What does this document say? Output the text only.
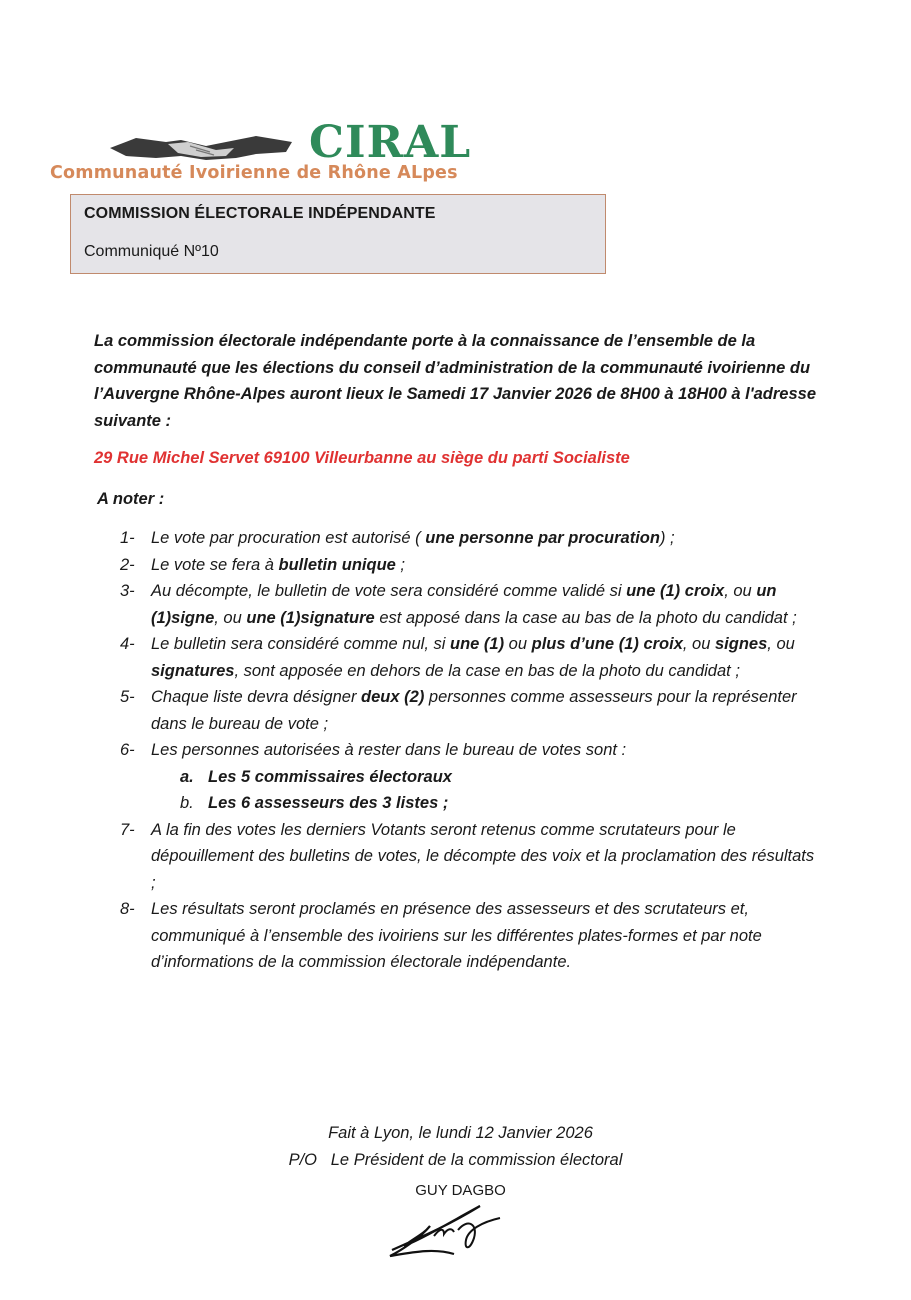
CIRAL
Communauté Ivoirienne de Rhône ALpes
COMMISSION ÉLECTORALE INDÉPENDANTE
Communiqué Nº10
La commission électorale indépendante porte à la connaissance de l’ensemble de la communauté que les élections du conseil d’administration de la communauté ivoirienne du l’Auvergne Rhône-Alpes auront lieux le Samedi 17 Janvier 2026 de 8H00 à 18H00 à l'adresse suivante :
29 Rue Michel Servet 69100 Villeurbanne au siège du parti Socialiste
A noter :
1- Le vote par procuration est autorisé ( une personne par procuration) ;
2- Le vote se fera à bulletin unique ;
3- Au décompte, le bulletin de vote sera considéré comme validé si une (1) croix, ou un (1)signe, ou une (1)signature est apposé dans la case au bas de la photo du candidat ;
4- Le bulletin sera considéré comme nul, si une (1) ou plus d’une (1) croix, ou signes, ou signatures, sont apposée en dehors de la case en bas de la photo du candidat ;
5- Chaque liste devra désigner deux (2) personnes comme assesseurs pour la représenter dans le bureau de vote ;
6- Les personnes autorisées à rester dans le bureau de votes sont :
a. Les 5 commissaires électoraux
b. Les 6 assesseurs des 3 listes ;
7- A la fin des votes les derniers Votants seront retenus comme scrutateurs pour le dépouillement des bulletins de votes, le décompte des voix et la proclamation des résultats ;
8- Les résultats seront proclamés en présence des assesseurs et des scrutateurs et, communiqué à l’ensemble des ivoiriens sur les différentes plates-formes et par note d’informations de la commission électorale indépendante.
Fait à Lyon, le lundi 12 Janvier 2026
P/O   Le Président de la commission électoral
GUY DAGBO
